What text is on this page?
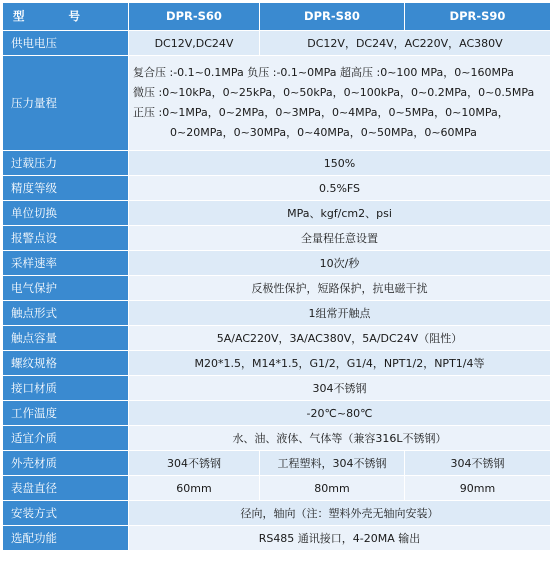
型 号	DPR-S60	DPR-S80	DPR-S90
供电电压	DC12V,DC24V	DC12V，DC24V，AC220V，AC380V	
压力量程	复合压 :-0.1~0.1MPa 负压 :-0.1~0MPa 超高压 :0~100 MPa，0~160MPa
微压 :0~10kPa，0~25kPa，0~50kPa，0~100kPa，0~0.2MPa，0~0.5MPa
正压 :0~1MPa，0~2MPa，0~3MPa，0~4MPa，0~5MPa，0~10MPa，
0~20MPa，0~30MPa，0~40MPa，0~50MPa，0~60MPa		

过载压力	150%		
精度等级	0.5%FS		
单位切换	MPa、kgf/cm2、psi		
报警点设	全量程任意设置		
采样速率	10次/秒		
电气保护	反极性保护，短路保护，抗电磁干扰		
触点形式	1组常开触点		
触点容量	5A/AC220V，3A/AC380V，5A/DC24V（阻性）		
螺纹规格	M20*1.5，M14*1.5，G1/2，G1/4，NPT1/2，NPT1/4等		
接口材质	304不锈钢		
工作温度	-20℃~80℃		
适宜介质	水、油、液体、气体等（兼容316L不锈钢）		
外壳材质	304不锈钢	工程塑料，304不锈钢	304不锈钢
表盘直径	60mm	80mm	90mm
安装方式	径向，轴向（注：塑料外壳无轴向安装）		
选配功能	RS485 通讯接口，4-20MA 输出		
